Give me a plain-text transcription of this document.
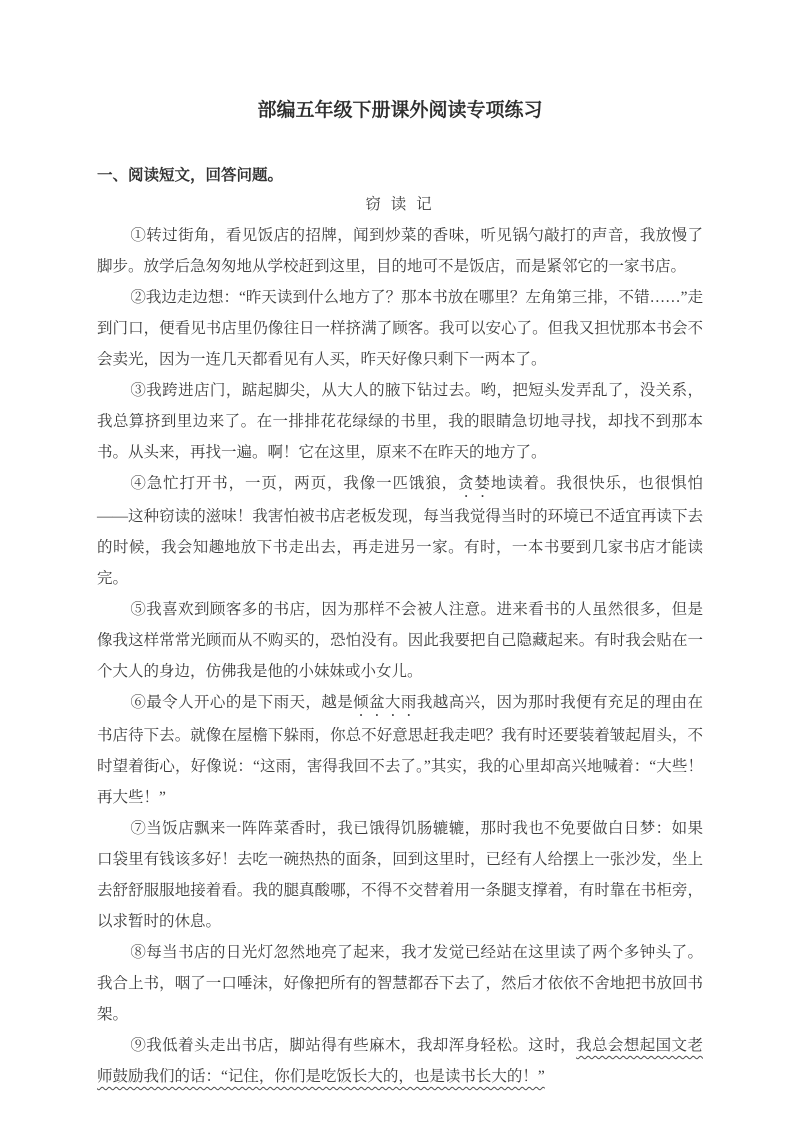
部编五年级下册课外阅读专项练习
一、阅读短文，回答问题。
窃 读 记

①转过街角，看见饭店的招牌，闻到炒菜的香味，听见锅勺敲打的声音，我放慢了脚步。放学后急匆匆地从学校赶到这里，目的地可不是饭店，而是紧邻它的一家书店。

②我边走边想：“昨天读到什么地方了？那本书放在哪里？左角第三排，不错……”走到门口，便看见书店里仍像往日一样挤满了顾客。我可以安心了。但我又担忧那本书会不会卖光，因为一连几天都看见有人买，昨天好像只剩下一两本了。

③我跨进店门，踮起脚尖，从大人的腋下钻过去。哟，把短头发弄乱了，没关系，我总算挤到里边来了。在一排排花花绿绿的书里，我的眼睛急切地寻找，却找不到那本书。从头来，再找一遍。啊！它在这里，原来不在昨天的地方了。

④急忙打开书，一页，两页，我像一匹饿狼，贪婪地读着。我很快乐，也很惧怕——这种窃读的滋味！我害怕被书店老板发现，每当我觉得当时的环境已不适宜再读下去的时候，我会知趣地放下书走出去，再走进另一家。有时，一本书要到几家书店才能读完。

⑤我喜欢到顾客多的书店，因为那样不会被人注意。进来看书的人虽然很多，但是像我这样常常光顾而从不购买的，恐怕没有。因此我要把自己隐藏起来。有时我会贴在一个大人的身边，仿佛我是他的小妹妹或小女儿。

⑥最令人开心的是下雨天，越是倾盆大雨我越高兴，因为那时我便有充足的理由在书店待下去。就像在屋檐下躲雨，你总不好意思赶我走吧？我有时还要装着皱起眉头，不时望着街心，好像说：“这雨，害得我回不去了。”其实，我的心里却高兴地喊着：“大些！再大些！”

⑦当饭店飘来一阵阵菜香时，我已饿得饥肠辘辘，那时我也不免要做白日梦：如果口袋里有钱该多好！去吃一碗热热的面条，回到这里时，已经有人给摆上一张沙发，坐上去舒舒服服地接着看。我的腿真酸哪，不得不交替着用一条腿支撑着，有时靠在书柜旁，以求暂时的休息。

⑧每当书店的日光灯忽然地亮了起来，我才发觉已经站在这里读了两个多钟头了。我合上书，咽了一口唾沫，好像把所有的智慧都吞下去了，然后才依依不舍地把书放回书架。

⑨我低着头走出书店，脚站得有些麻木，我却浑身轻松。这时，我总会想起国文老师鼓励我们的话：“记住，你们是吃饭长大的，也是读书长大的！”
